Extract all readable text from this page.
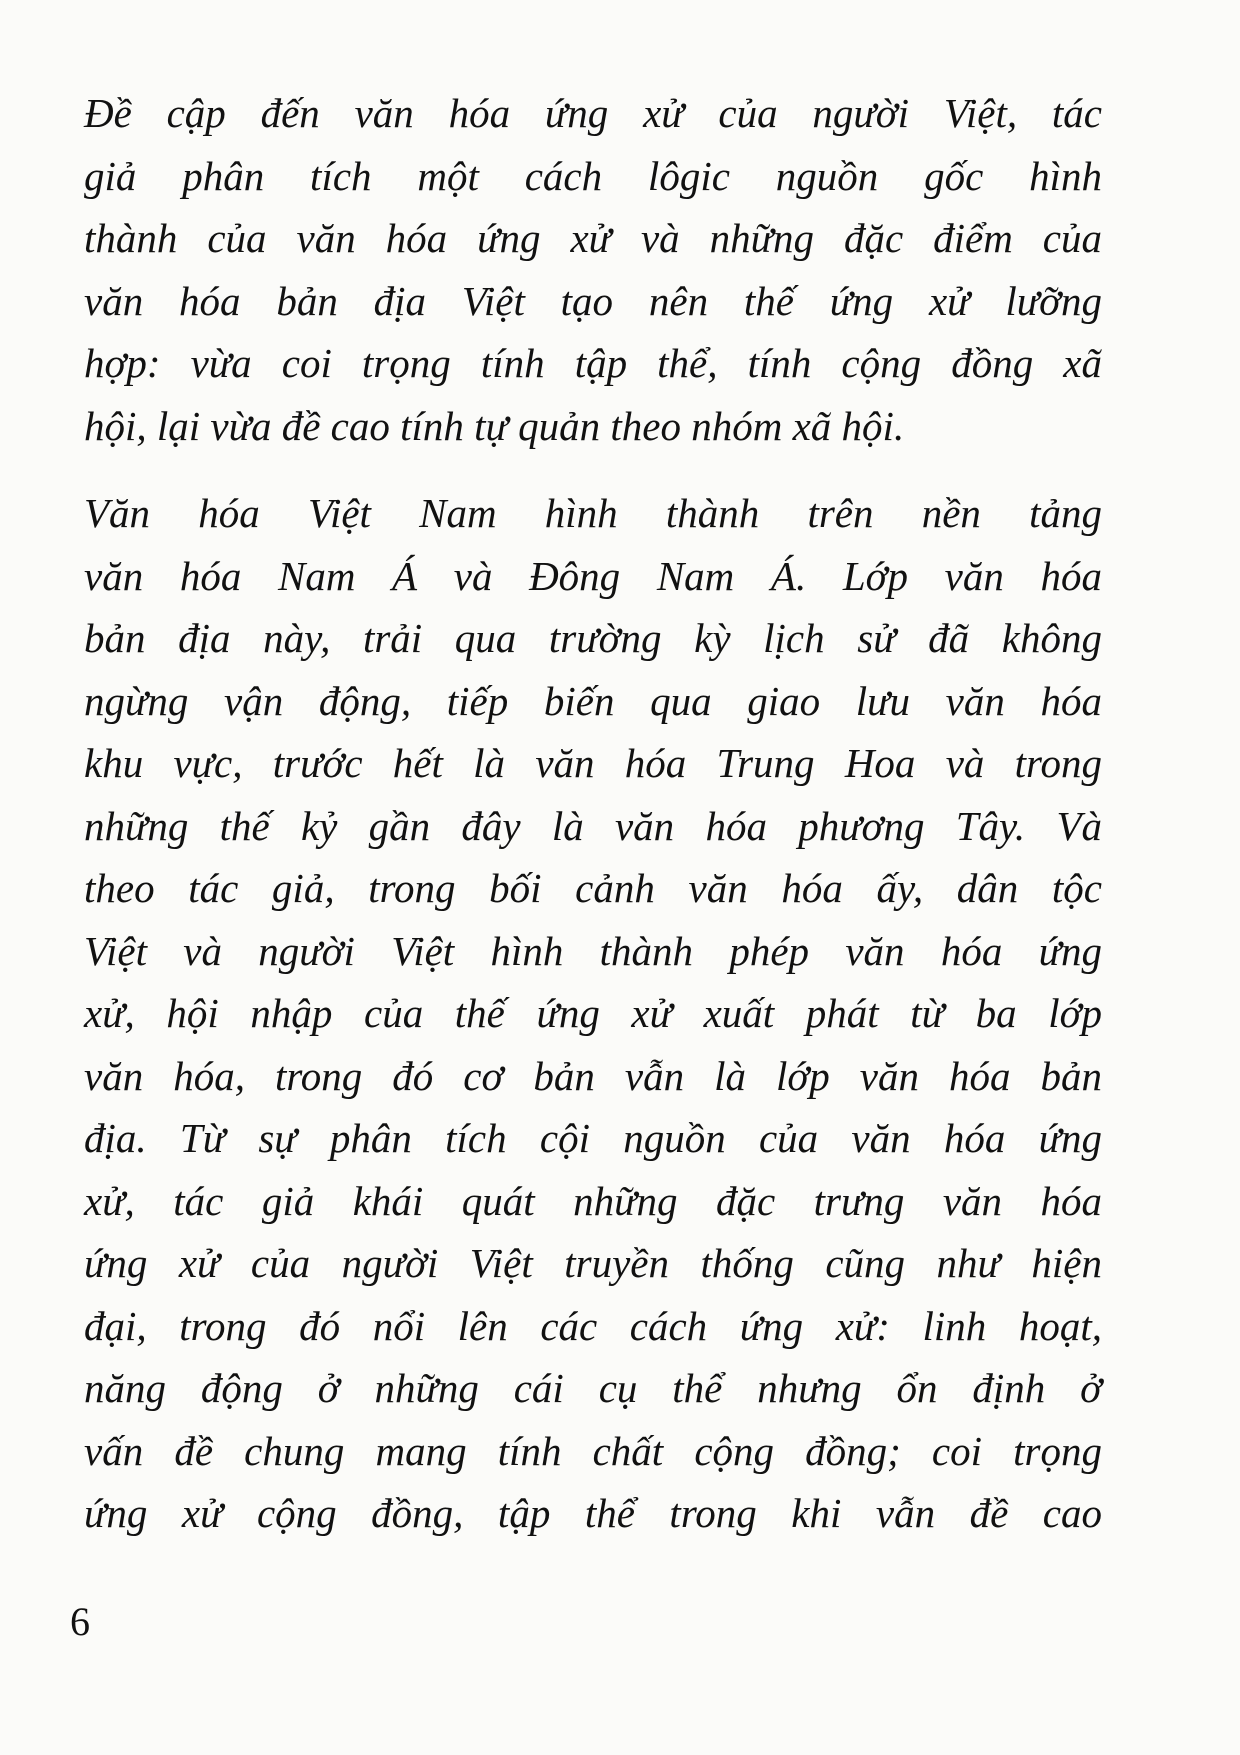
Đề cập đến văn hóa ứng xử của người Việt, tác
giả phân tích một cách lôgic nguồn gốc hình
thành của văn hóa ứng xử và những đặc điểm của
văn hóa bản địa Việt tạo nên thế ứng xử lưỡng
hợp: vừa coi trọng tính tập thể, tính cộng đồng xã
hội, lại vừa đề cao tính tự quản theo nhóm xã hội.
Văn hóa Việt Nam hình thành trên nền tảng
văn hóa Nam Á và Đông Nam Á. Lớp văn hóa
bản địa này, trải qua trường kỳ lịch sử đã không
ngừng vận động, tiếp biến qua giao lưu văn hóa
khu vực, trước hết là văn hóa Trung Hoa và trong
những thế kỷ gần đây là văn hóa phương Tây. Và
theo tác giả, trong bối cảnh văn hóa ấy, dân tộc
Việt và người Việt hình thành phép văn hóa ứng
xử, hội nhập của thế ứng xử xuất phát từ ba lớp
văn hóa, trong đó cơ bản vẫn là lớp văn hóa bản
địa. Từ sự phân tích cội nguồn của văn hóa ứng
xử, tác giả khái quát những đặc trưng văn hóa
ứng xử của người Việt truyền thống cũng như hiện
đại, trong đó nổi lên các cách ứng xử: linh hoạt,
năng động ở những cái cụ thể nhưng ổn định ở
vấn đề chung mang tính chất cộng đồng; coi trọng
ứng xử cộng đồng, tập thể trong khi vẫn đề cao
6
